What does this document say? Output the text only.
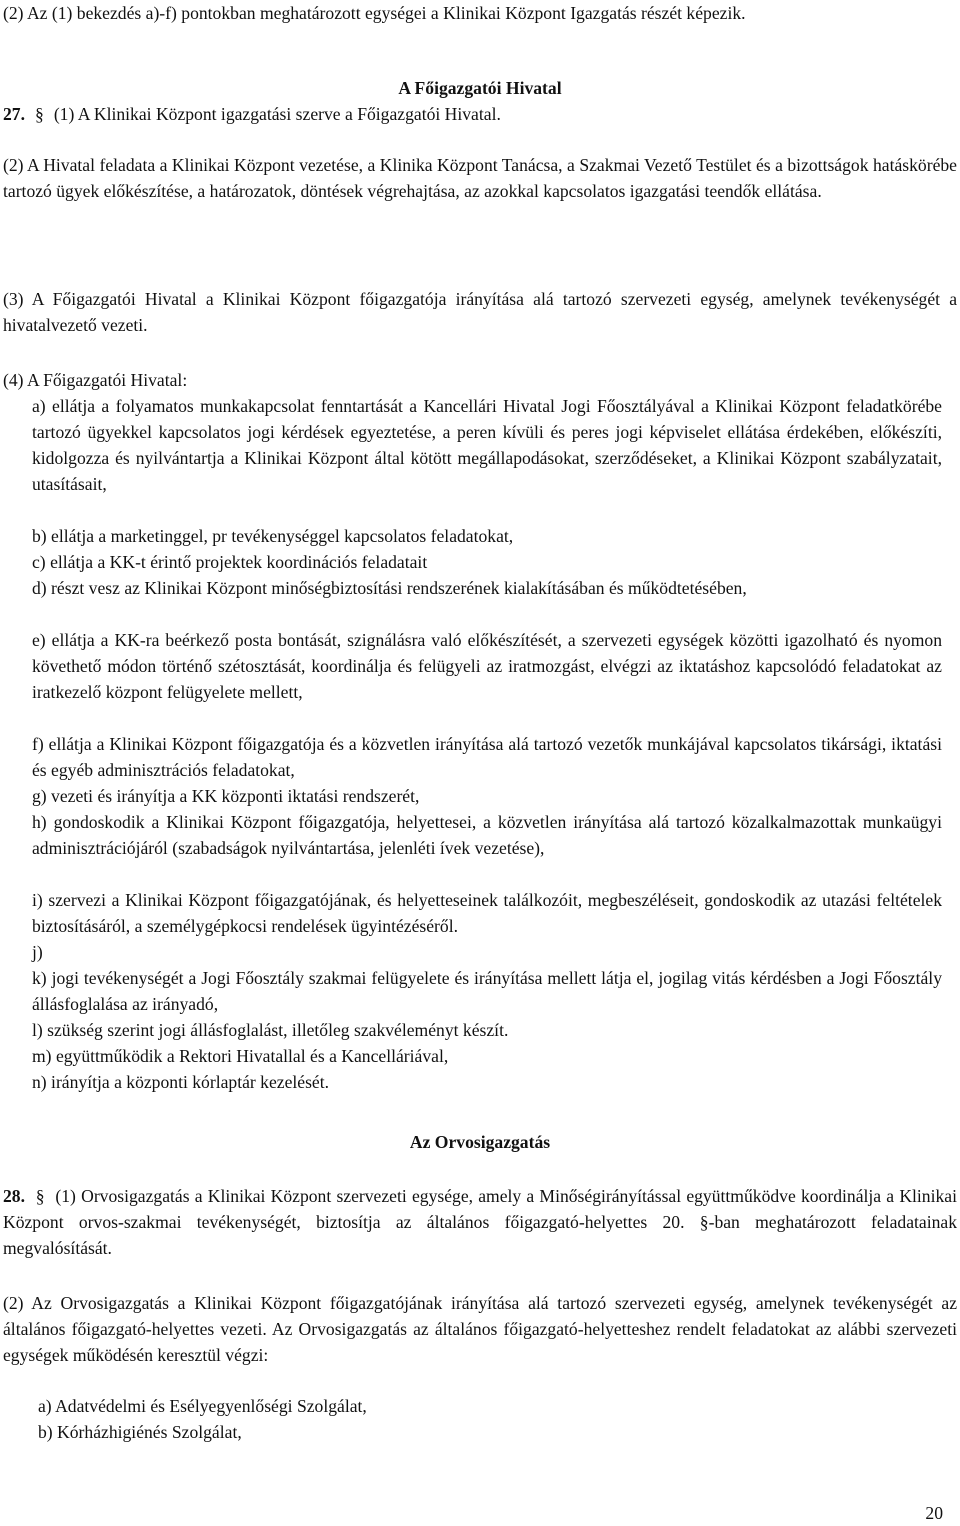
(2) Az (1) bekezdés a)-f) pontokban meghatározott egységei a Klinikai Központ Igazgatás részét képezik.

A Főigazgatói Hivatal

27. § (1) A Klinikai Központ igazgatási szerve a Főigazgatói Hivatal.

(2) A Hivatal feladata a Klinikai Központ vezetése, a Klinika Központ Tanácsa, a Szakmai Vezető Testület és a bizottságok hatáskörébe tartozó ügyek előkészítése, a határozatok, döntések végrehajtása, az azokkal kapcsolatos igazgatási teendők ellátása.

(3) A Főigazgatói Hivatal a Klinikai Központ főigazgatója irányítása alá tartozó szervezeti egység, amelynek tevékenységét a hivatalvezető vezeti.

(4) A Főigazgatói Hivatal:

a) ellátja a folyamatos munkakapcsolat fenntartását a Kancellári Hivatal Jogi Főosztályával a Klinikai Központ feladatkörébe tartozó ügyekkel kapcsolatos jogi kérdések egyeztetése, a peren kívüli és peres jogi képviselet ellátása érdekében, előkészíti, kidolgozza és nyilvántartja a Klinikai Központ által kötött megállapodásokat, szerződéseket, a Klinikai Központ szabályzatait, utasításait,

b) ellátja a marketinggel, pr tevékenységgel kapcsolatos feladatokat,

c) ellátja a KK-t érintő projektek koordinációs feladatait

d) részt vesz az Klinikai Központ minőségbiztosítási rendszerének kialakításában és működtetésében,

e) ellátja a KK-ra beérkező posta bontását, szignálásra való előkészítését, a szervezeti egységek közötti igazolható és nyomon követhető módon történő szétosztását, koordinálja és felügyeli az iratmozgást, elvégzi az iktatáshoz kapcsolódó feladatokat az iratkezelő központ felügyelete mellett,

f) ellátja a Klinikai Központ főigazgatója és a közvetlen irányítása alá tartozó vezetők munkájával kapcsolatos tikársági, iktatási és egyéb adminisztrációs feladatokat,

g) vezeti és irányítja a KK központi iktatási rendszerét,

h) gondoskodik a Klinikai Központ főigazgatója, helyettesei, a közvetlen irányítása alá tartozó közalkalmazottak munkaügyi adminisztrációjáról (szabadságok nyilvántartása, jelenléti ívek vezetése),

i) szervezi a Klinikai Központ főigazgatójának, és helyetteseinek találkozóit, megbeszéléseit, gondoskodik az utazási feltételek biztosításáról, a személygépkocsi rendelések ügyintézéséről.

j)

k) jogi tevékenységét a Jogi Főosztály szakmai felügyelete és irányítása mellett látja el, jogilag vitás kérdésben a Jogi Főosztály állásfoglalása az irányadó,

l) szükség szerint jogi állásfoglalást, illetőleg szakvéleményt készít.

m) együttműködik a Rektori Hivatallal és a Kancelláriával,

n) irányítja a központi kórlaptár kezelését.

Az Orvosigazgatás

28. § (1) Orvosigazgatás a Klinikai Központ szervezeti egysége, amely a Minőségirányítással együttműködve koordinálja a Klinikai Központ orvos-szakmai tevékenységét, biztosítja az általános főigazgató-helyettes 20. §-ban meghatározott feladatainak megvalósítását.

(2) Az Orvosigazgatás a Klinikai Központ főigazgatójának irányítása alá tartozó szervezeti egység, amelynek tevékenységét az általános főigazgató-helyettes vezeti. Az Orvosigazgatás az általános főigazgató-helyetteshez rendelt feladatokat az alábbi szervezeti egységek működésén keresztül végzi:

a) Adatvédelmi és Esélyegyenlőségi Szolgálat,

b) Kórházhigiénés Szolgálat,

20
